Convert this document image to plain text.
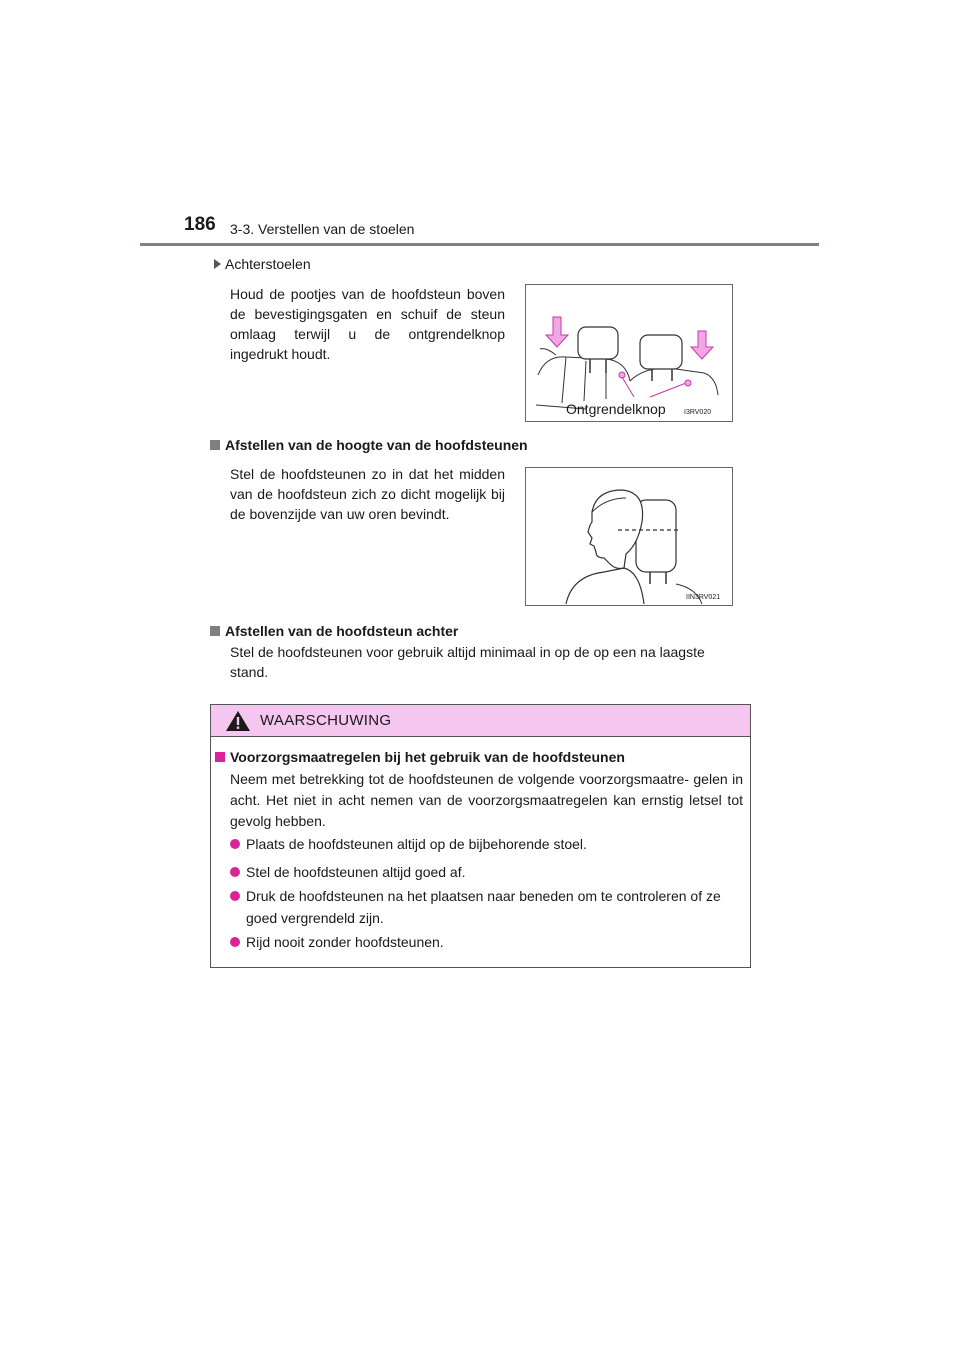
186 3-3. Verstellen van de stoelen
Achterstoelen
Houd de pootjes van de hoofdsteun boven de bevestigingsgaten en schuif de steun omlaag terwijl u de ontgrendelknop ingedrukt houdt.
Ontgrendelknop	I3RV020
Afstellen van de hoogte van de hoofdsteunen
Stel de hoofdsteunen zo in dat het midden van de hoofdsteun zich zo dicht mogelijk bij de bovenzijde van uw oren bevindt.
IIN3RV021
Afstellen van de hoofdsteun achter
Stel de hoofdsteunen voor gebruik altijd minimaal in op de op een na laagste stand.
WAARSCHUWING
Voorzorgsmaatregelen bij het gebruik van de hoofdsteunen
Neem met betrekking tot de hoofdsteunen de volgende voorzorgsmaatre- gelen in acht. Het niet in acht nemen van de voorzorgsmaatregelen kan ernstig letsel tot gevolg hebben.
Plaats de hoofdsteunen altijd op de bijbehorende stoel.
Stel de hoofdsteunen altijd goed af.
Druk de hoofdsteunen na het plaatsen naar beneden om te controleren of ze goed vergrendeld zijn.
Rijd nooit zonder hoofdsteunen.
